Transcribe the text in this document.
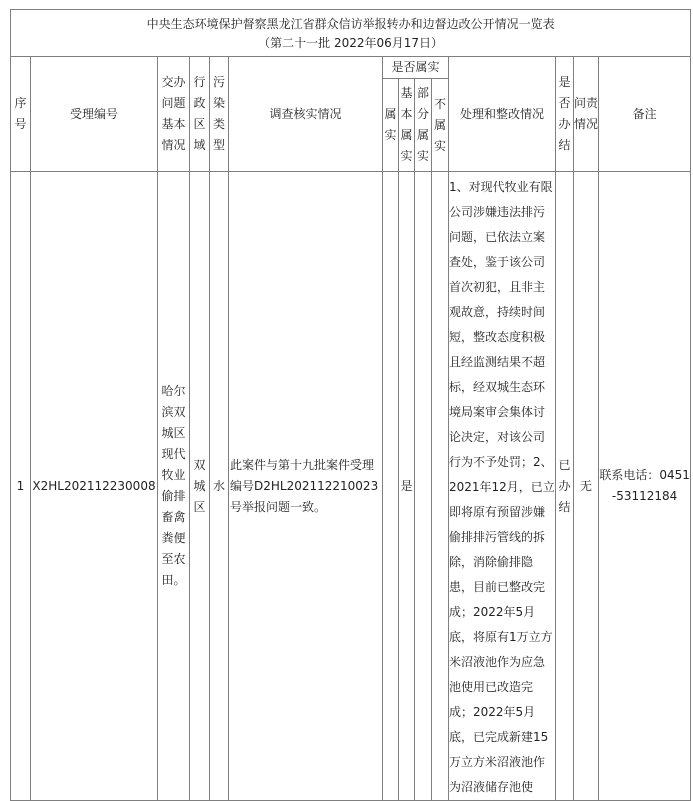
中央生态环境保护督察黑龙江省群众信访举报转办和边督边改公开情况一览表
（第二十一批 2022年06月17日）													

序号	受理编号	交办问题基本情况	行政区域	污染类型	调查核实情况	是否属实				处理和整改情况	是否办结	问责情况	备注
						属实	基本属实	部分属实	不属实				
1	X2HL202112230008	哈尔滨双城区现代牧业偷排畜禽粪便至农田。	双城区	水	此案件与第十九批案件受理编号D2HL202112210023号举报问题一致。		是			1、对现代牧业有限公司涉嫌违法排污问题，已依法立案查处，鉴于该公司首次初犯，且非主观故意，持续时间短，整改态度积极且经监测结果不超标，经双城生态环境局案审会集体讨论决定，对该公司行为不予处罚；2、2021年12月，已立即将原有预留涉嫌偷排排污管线的拆除，消除偷排隐患，目前已整改完成；2022年5月底，将原有1万立方米沼液池作为应急池使用已改造完成；2022年5月底，已完成新建15万立方米沼液池作为沼液储存池使	已办结	无	联系电话：0451-53112184
